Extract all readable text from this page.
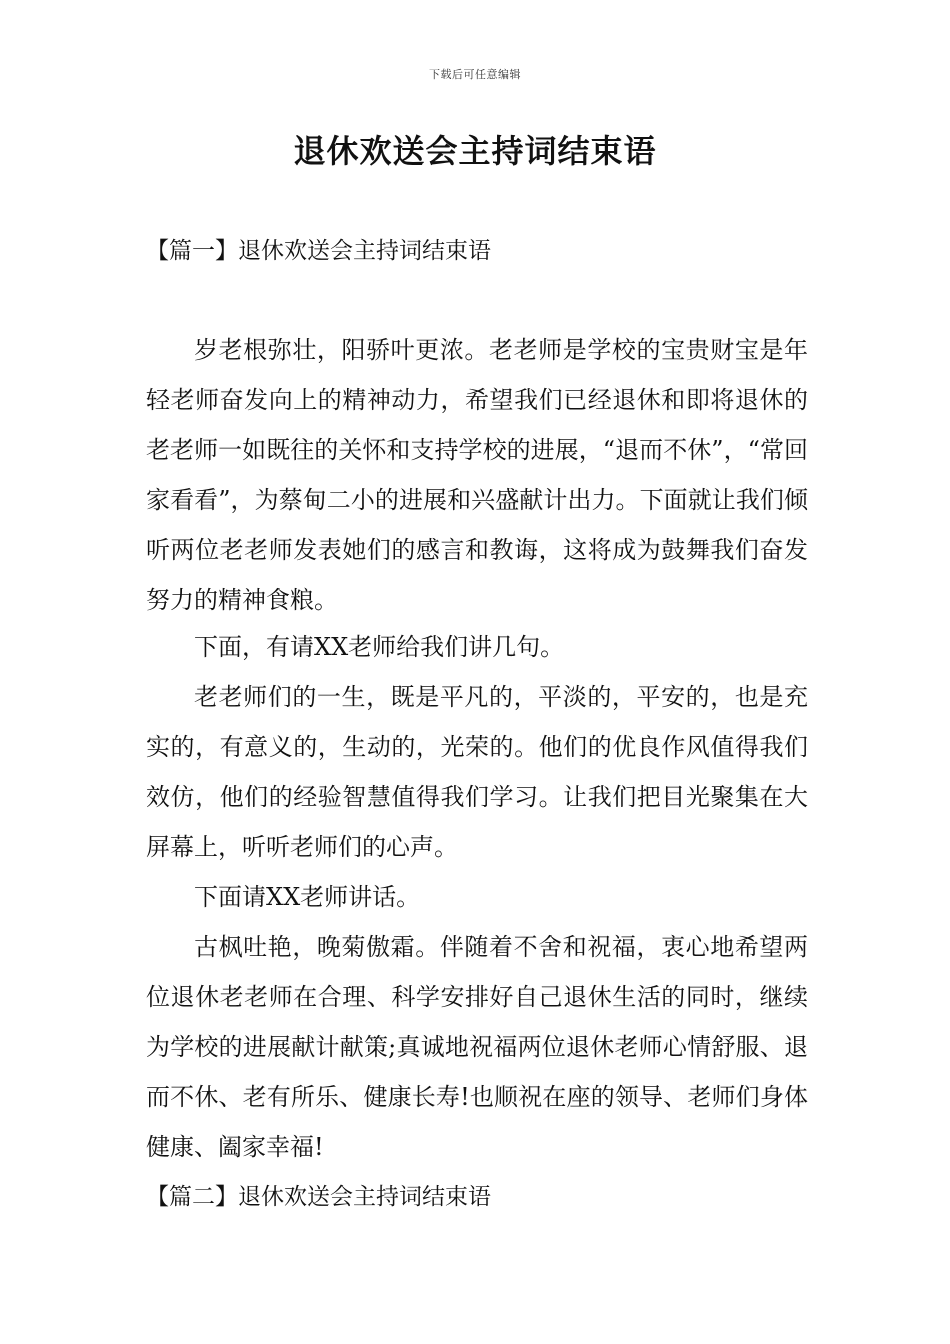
下载后可任意编辑
退休欢送会主持词结束语
【篇一】退休欢送会主持词结束语

岁老根弥壮，阳骄叶更浓。老老师是学校的宝贵财宝是年轻老师奋发向上的精神动力，希望我们已经退休和即将退休的老老师一如既往的关怀和支持学校的进展，“退而不休”，“常回家看看”，为蔡甸二小的进展和兴盛献计出力。下面就让我们倾听两位老老师发表她们的感言和教诲，这将成为鼓舞我们奋发努力的精神食粮。

下面，有请XX老师给我们讲几句。

老老师们的一生，既是平凡的，平淡的，平安的，也是充实的，有意义的，生动的，光荣的。他们的优良作风值得我们效仿，他们的经验智慧值得我们学习。让我们把目光聚集在大屏幕上，听听老师们的心声。

下面请XX老师讲话。

古枫吐艳，晚菊傲霜。伴随着不舍和祝福，衷心地希望两位退休老老师在合理、科学安排好自己退休生活的同时，继续为学校的进展献计献策;真诚地祝福两位退休老师心情舒服、退而不休、老有所乐、健康长寿!也顺祝在座的领导、老师们身体健康、阖家幸福!

【篇二】退休欢送会主持词结束语
